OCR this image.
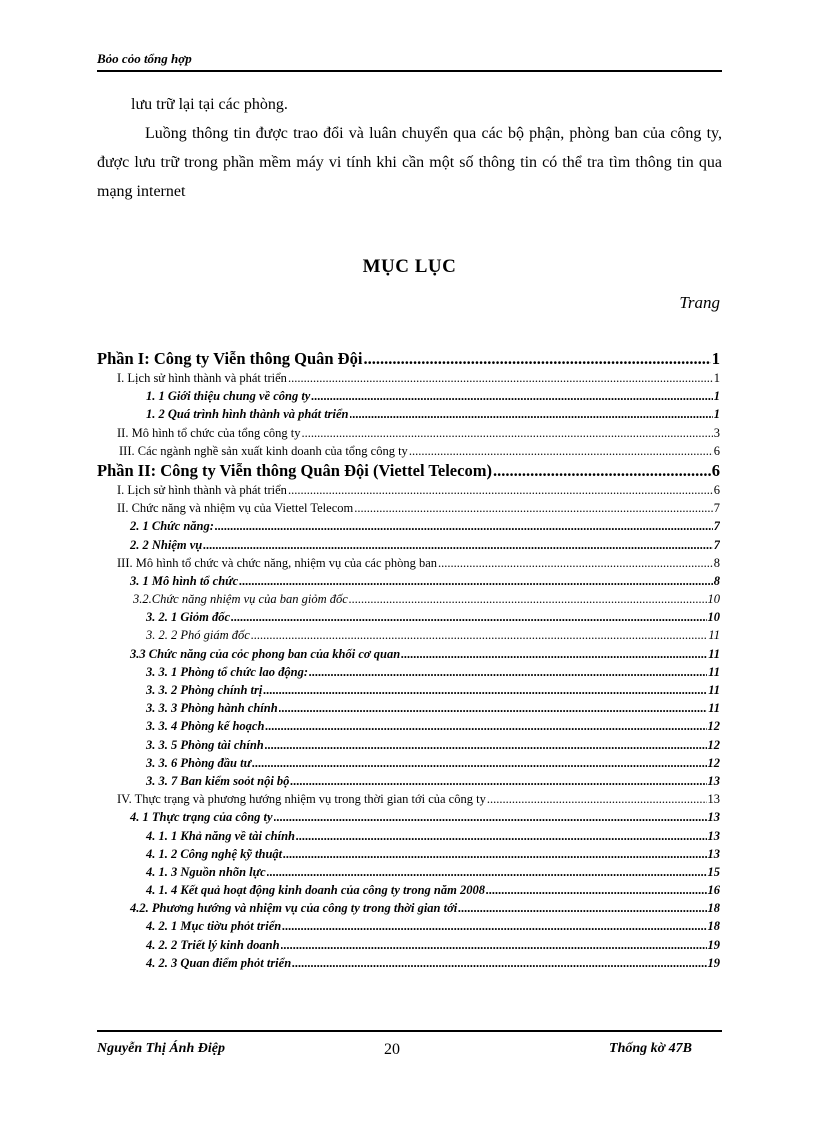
Bỏo cỏo tổng hợp

lưu trữ lại tại các phòng.

Luồng thông tin được trao đổi và luân chuyển qua các bộ phận, phòng ban của công ty, được lưu trữ trong phần mềm máy vi tính khi cần một số thông tin có thể tra tìm thông tin qua mạng internet

MỤC LỤC
Trang
Phần I: Công ty Viễn thông Quân Đội .....	1
I. Lịch sử hình thành và phát triển .....	1
1. 1 Giới thiệu chung về công ty .....	1
1. 2 Quá trình hình thành và phát triển .....	1
II. Mô hình tổ chức của tổng công ty .....	3
III. Các ngành nghề sản xuất kinh doanh của tổng công ty .....	6
Phần II: Công ty Viễn thông Quân Đội (Viettel Telecom) .....	6
I. Lịch sử hình thành và phát triển .....	6
II. Chức năng và nhiệm vụ của Viettel Telecom .....	7
2. 1 Chức năng: .....	7
2. 2 Nhiệm vụ .....	7
III. Mô hình tổ chức và chức năng, nhiệm vụ của các phòng ban .....	8
3. 1 Mô hình tổ chức .....	8
3.2.Chức năng nhiệm vụ của ban giỏm đốc .....	10
3. 2. 1 Giỏm đốc .....	10
3. 2. 2 Phó giám đốc .....	11
3.3 Chức năng của cỏc phong ban của khối cơ quan .....	11
3. 3. 1 Phòng tổ chức lao động: .....	11
3. 3. 2 Phòng chính trị .....	11
3. 3. 3 Phòng hành chính .....	11
3. 3. 4 Phòng kế hoạch .....	12
3. 3. 5 Phòng tài chính .....	12
3. 3. 6 Phòng đầu tư .....	12
3. 3. 7 Ban kiểm soỏt nội bộ .....	13
IV. Thực trạng và phương hướng nhiệm vụ trong thời gian tới của công ty .....	13
4. 1 Thực trạng của công ty .....	13
4. 1. 1 Khả năng về tài chính .....	13
4. 1. 2 Công nghệ kỹ thuật .....	13
4. 1. 3 Nguồn nhõn lực .....	15
4. 1. 4 Kết quả hoạt động kinh doanh của công ty trong năm 2008 .....	16
4.2. Phương hướng và nhiệm vụ của công ty trong thời gian tới .....	18
4. 2. 1 Mục tiờu phỏt triển .....	18
4. 2. 2 Triết lý kinh doanh .....	19
4. 2. 3 Quan điểm phỏt triển .....	19
Nguyễn Thị Ánh Điệp	20	Thống kờ 47B
